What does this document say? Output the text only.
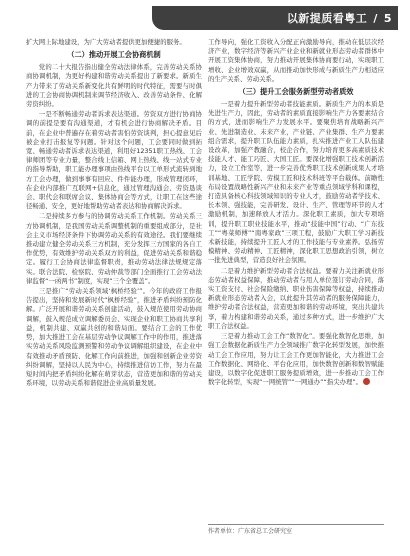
以新提质看粤工 / 5

扩大网上际地建设，为广大劳动者提供更加便捷的服务。

（二）推动开展工会协商机制

党的二十大报告指出健全劳动法律体系，完善劳动关系协商协调机制，为更好构建和谐劳动关系提出了新要求。新质生产力带来了劳动关系新变化共有鲜明的时代特征，需要与时俱进的工会协商协调机制来调节经济收入、改善劳动条件、化解劳资纠纷。

一是不断畅通劳动者诉求表达渠道。劳资双方进行协商协调的前提是要有沟通渠道，才有机会进行协商解决矛盾。目前，在企业中普遍存在着劳动者害怕劳资谈判，担心提意见后被企业打击报复等问题。针对这个问题，工会要同时做到拓宽、畅通劳动者诉求表达渠道，利用好12351职工热线、工会律师团等专业力量，整合线上信箱、网上热线、线一站式专业的指导帮助，职工能办理事项由热线平台以工单形式流转到地方工会办理，做到事事有回应、件件能办理，形成管理闭环，在企业内部推广互联网+信息化，通过管理沟通会、劳资恳谈会、职代会和联席会议、集体协商会等方式，让职工在这些途径畅通、安全，更好地帮助劳动者表达和协商解决诉求。

二是持续多方参与的协调劳动关系工作机制。劳动关系三方协调机制，是我国劳动关系调整机制的重要组成部分，是社会主义市场经济条件下协调劳动关系的有效途径。我们要继续推动建立健全劳动关系三方机制，充分发挥三方国家的各自工作优势，有效维护劳动关系双方的利益，促进劳动关系和谐稳定。履行工会协商法律监督职责，推动劳动法律法规规定落实。联合法院、检察院、劳动仲裁等部门全面推行工会劳动法律监督“一函两书”制度，实现“三个全覆盖”。

三是推广“劳动关系领域‘枫桥经验’”。今年的政府工作报告提出，坚持和发展新时代“枫桥经验”，推进矛盾纠纷预防化解。广泛开展和谐劳动关系创建活动，鼓入规范使用劳动协商调解，鼓入规范成立调解委员会、实现企业和职工协商共享利益，机制共建、双赢共创的和谐局面。要结合工会的工作优势，加大推进工会在基层劳动争议调解工作中的作用，推进落实劳动关系风险监测预警和劳动争议调解组织建设，在企业中有效推动矛盾预防、化解工作向前推进，加强和创新企业劳资纠纷调解，坚持以人民为中心，持续推进信访工作，努力在最短时间内把矛盾纠纷化解在萌芽状态，营造更加和谐的劳动关系环境，以劳动关系和谐促进企业高质量发展。

工作导向，强化工资收入分配正向激励导向，推动在低层次经济产业，数字经济等新兴产业企业和新就业形态劳动者群体中开展工资集体协商，努力推动开展集体协商要行动，实现职工增收、企业增效双赢，从而推动加快形成与新质生产力相适应的生产关系、劳动关系。

（三）提升工会服务新型劳动者质效

一是着力提升新型劳动者技能素质。新质生产力的本质是先进生产力，因此，劳动者的素质直接影响生产力各要素结合的方式，进而影响生产力发展水平。要聚焦培育战略新兴产业、先进制造业、未来产业，产业链、产业集群、生产力要素组合需求，提升职工队伍能力素质，扎实推进产业工人队伍建设改革，加强产教融合，校企合作，努力培育更多高素质技术技能人才、能工巧匠、大国工匠。要深化增强职工技术创新活力，设立工作室等，进一步完善优秀职工技术创新成果人才培训基地、工匠学院、劳模工匠和技术科班等平台载体。前瞻性布局设置战略性新兴产业和未来产业等重点领域学科和课程，打造具备核心科技领域知识的专业人才，鼓励劳动者学技术、长本领、强技能，完善研发、设计、生产、管理等环节的人才激励机制，加速释放人才活力。深化职工素质，加大专项培训，提升职工职业技能水平，推动“技能中国”行动、“广东技工”“粤菜师傅”“南粤家政”三项工程，鼓励广大职工学习新技术新技能，持续提升工匠人才的工作技能与专业素养。弘扬劳模精神、劳动精神、工匠精神，深化职工思想政治引领，树立一批先进典型，营造良好社会氛围。

二是着力维护新型劳动者合法权益。要着力关注新就业形态劳动者权益保障，推动劳动者与用人单位签订劳动合同，落实工资支付、社会保险缴纳、职业伤害保障等权益，持续推动新就业形态劳动者入会，以此提升其劳动者的服务保障能力，维护劳动者合法权益，营造更加和谐的劳动环境，突出共建共享，着力构建和谐劳动关系，通过多种方式，进一步维护广大职工合法权益。

三是着力推动工会工作“数智化”。要强化数智化思维，加强工会数据化新质生产力全领域推广数字化转型发展，加快推动工会工作应用，努力让工会工作更加智能化，大力推进工会工作数据化、网络化、平台化应用，加快数智创新和数智赋能建设，以数字化促进职工服务提质增效，进一步推动工会工作数字化转型，实现“一网统管”“一网通办”“指尖办理”。

作者单位：广东省总工会研究室
